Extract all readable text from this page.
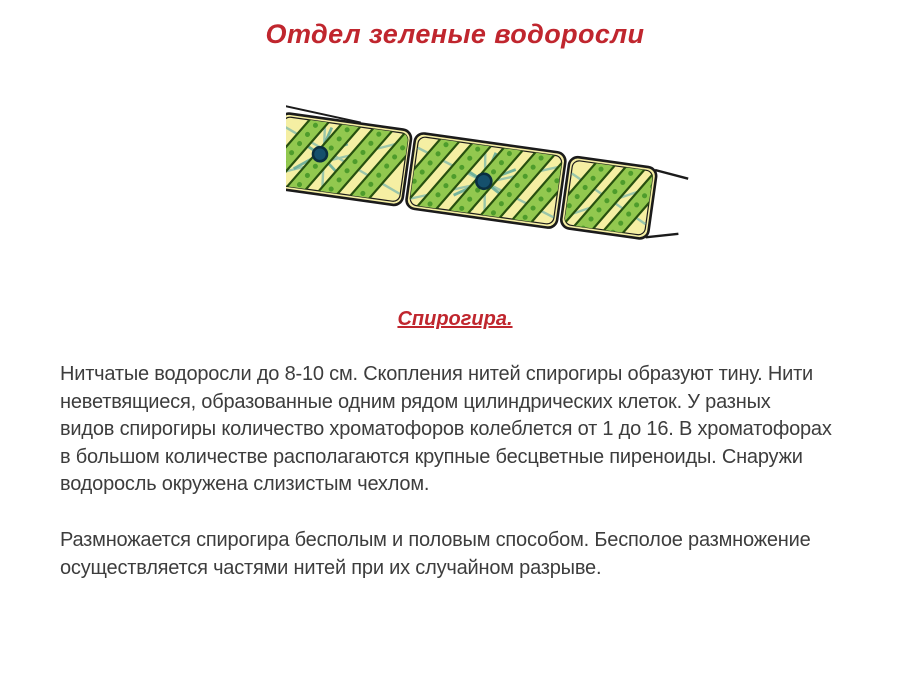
Отдел зеленые водоросли
Спирогира.
Нитчатые водоросли до 8-10 см. Скопления нитей спирогиры образуют тину. Нити
неветвящиеся, образованные одним рядом цилиндрических клеток. У разных
видов спирогиры количество хроматофоров колеблется от 1 до 16. В хроматофорах
в большом количестве располагаются крупные бесцветные пиреноиды. Снаружи
водоросль окружена слизистым чехлом.
Размножается спирогира бесполым и половым способом. Бесполое размножение
осуществляется частями нитей при их случайном разрыве.
